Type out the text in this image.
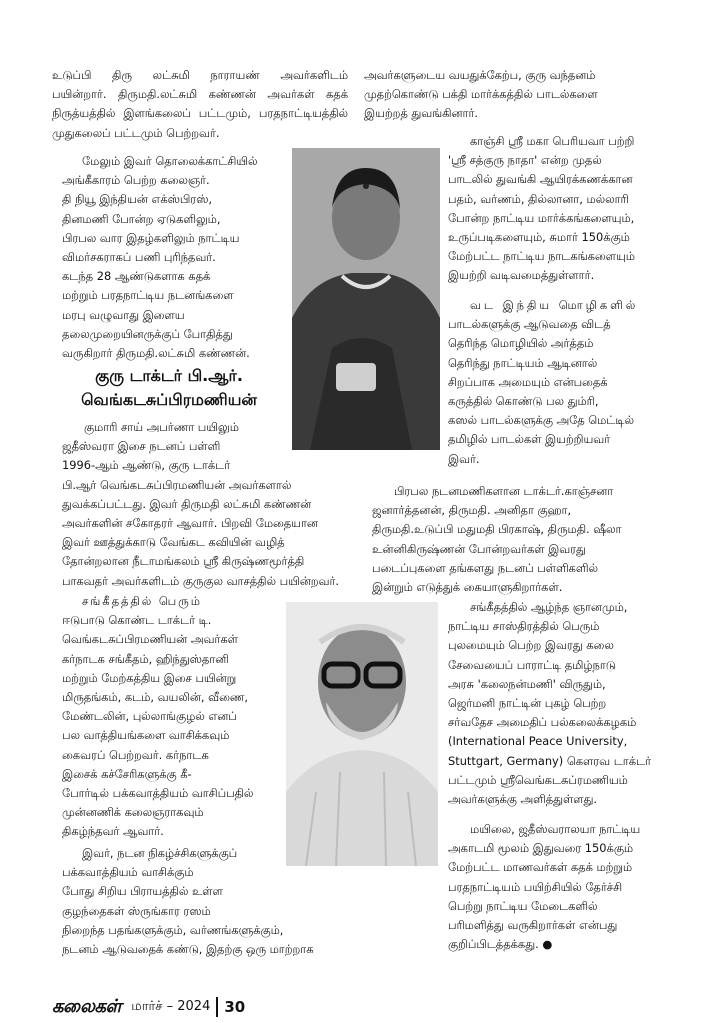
உடுப்பி திரு லட்சுமி நாராயண் அவர்களிடம்
பயின்றார். திருமதி.லட்சுமி கண்ணன் அவர்கள் கதக்
நிருத்யத்தில் இளங்கலைப் பட்டமும், பரதநாட்டியத்தில்
முதுகலைப் பட்டமும் பெற்றவர்.
மேலும் இவர் தொலைக்காட்சியில்
அங்கீகாரம் பெற்ற கலைஞர்.
தி நியூ இந்தியன் எக்ஸ்பிரஸ்,
தினமணி போன்ற ஏடுகளிலும்,
பிரபல வார இதழ்களிலும் நாட்டிய
விமர்சகராகப் பணி புரிந்தவர்.
கடந்த 28 ஆண்டுகளாக கதக்
மற்றும் பரதநாட்டிய நடனங்களை
மரபு வழுவாது இளைய
தலைமுறையினருக்குப் போதித்து
வருகிறார் திருமதி.லட்சுமி கண்ணன்.
குரு டாக்டர் பி.ஆர்.
வெங்கடசுப்பிரமணியன்
குமாரி சாய் அபர்ணா பயிலும்
ஜதீஸ்வரா இசை நடனப் பள்ளி
1996-ஆம் ஆண்டு, குரு டாக்டர்
பி.ஆர் வெங்கடசுப்பிரமணியன் அவர்களால்
துவக்கப்பட்டது. இவர் திருமதி லட்சுமி கண்ணன்
அவர்களின் சகோதரர் ஆவார். பிறவி மேதையான
இவர் ஊத்துக்காடு வேங்கட கவியின் வழித்
தோன்றலான நீடாமங்கலம் ஸ்ரீ கிருஷ்ணமூர்த்தி
பாகவதர் அவர்களிடம் குருகுல வாசத்தில் பயின்றவர்.
சங்கீதத்தில் பெரும்
ஈடுபாடு கொண்ட டாக்டர் டி.
வெங்கடசுப்பிரமணியன் அவர்கள்
கர்நாடக சங்கீதம், ஹிந்துஸ்தானி
மற்றும் மேற்கத்திய இசை பயின்று
மிருதங்கம், கடம், வயலின், வீணை,
மேண்டலின், புல்லாங்குழல் எனப்
பல வாத்தியங்களை வாசிக்கவும்
கைவரப் பெற்றவர். கர்நாடக
இசைக் கச்சேரிகளுக்கு கீ-
போர்டில் பக்கவாத்தியம் வாசிப்பதில்
முன்னணிக் கலைஞராகவும்
திகழ்ந்தவர் ஆவார்.
இவர், நடன நிகழ்ச்சிகளுக்குப்
பக்கவாத்தியம் வாசிக்கும்
போது சிறிய பிராயத்தில் உள்ள
குழந்தைகள் ஸ்ருங்கார ரஸம்
நிறைந்த பதங்களுக்கும், வர்ணங்களுக்கும்,
நடனம் ஆடுவதைக் கண்டு, இதற்கு ஒரு மாற்றாக
அவர்களுடைய வயதுக்கேற்ப, குரு வந்தனம்
முதற்கொண்டு பக்தி மார்க்கத்தில் பாடல்களை
இயற்றத் துவங்கினார்.
காஞ்சி ஸ்ரீ மகா பெரியவா பற்றி
'ஸ்ரீ சத்குரு நாதா' என்ற முதல்
பாடலில் துவங்கி ஆயிரக்கணக்கான
பதம், வர்ணம், தில்லானா, மல்லாரி
போன்ற நாட்டிய மார்க்கங்களையும்,
உருப்படிகளையும், சுமார் 150க்கும்
மேற்பட்ட நாட்டிய நாடகங்களையும்
இயற்றி வடிவமைத்துள்ளார்.
வட இந்திய மொழிகளில்
பாடல்களுக்கு ஆடுவதை விடத்
தெரிந்த மொழியில் அர்த்தம்
தெரிந்து நாட்டியம் ஆடினால்
சிறப்பாக அமையும் என்பதைக்
கருத்தில் கொண்டு பல தும்ரி,
கஸல் பாடல்களுக்கு அதே மெட்டில்
தமிழில் பாடல்கள் இயற்றியவர்
இவர்.
பிரபல நடனமணிகளான டாக்டர்.காஞ்சனா
ஜனார்த்தனன், திருமதி. அனிதா குஹா,
திருமதி.உடுப்பி மதுமதி பிரகாஷ், திருமதி. ஷீலா
உன்னிகிருஷ்ணன் போன்றவர்கள் இவரது
படைப்புகளை தங்களது நடனப் பள்ளிகளில்
இன்றும் எடுத்துக் கையாளுகிறார்கள்.
சங்கீதத்தில் ஆழ்ந்த ஞானமும்,
நாட்டிய சாஸ்திரத்தில் பெரும்
புலமையும் பெற்ற இவரது கலை
சேவையைப் பாராட்டி தமிழ்நாடு
அரசு 'கலைநன்மணி' விருதும்,
ஜெர்மனி நாட்டின் புகழ் பெற்ற
சர்வதேச அமைதிப் பல்கலைக்கழகம்
(International Peace University,
Stuttgart, Germany) கௌரவ டாக்டர்
பட்டமும் ஸ்ரீவெங்கடசுப்ரமணியம்
அவர்களுக்கு அளித்துள்ளது.
மயிலை, ஜதீஸ்வராலயா நாட்டிய
அகாடமி மூலம் இதுவரை 150க்கும்
மேற்பட்ட மாணவர்கள் கதக் மற்றும்
பரதநாட்டியம் பயிற்சியில் தேர்ச்சி
பெற்று நாட்டிய மேடைகளில்
பரிமளித்து வருகிறார்கள் என்பது
குறிப்பிடத்தக்கது. ●
கலைகள் மார்ச் – 2024 30
